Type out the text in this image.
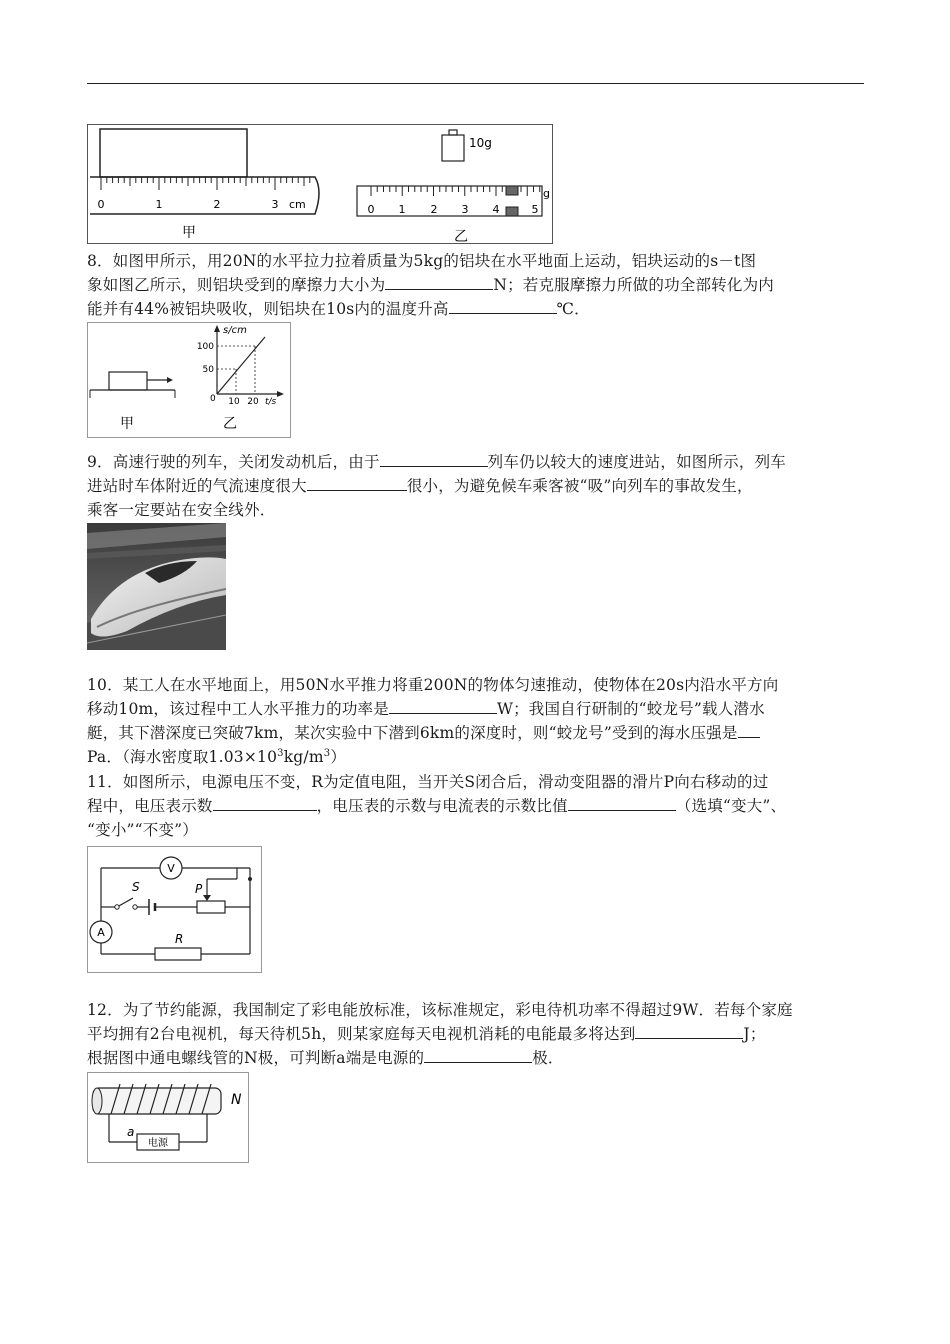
0	1	2	3 cm
甲
10g
0 1 2 3 4	5
g
乙
8．如图甲所示，用20N的水平拉力拉着质量为5kg的铝块在水平地面上运动，铝块运动的s－t图
象如图乙所示，则铝块受到的摩擦力大小为	N；若克服摩擦力所做的功全部转化为内
能并有44%被铝块吸收，则铝块在10s内的温度升高	℃．
甲
s/cm
100
50
0 10 20 t/s
乙
9．高速行驶的列车，关闭发动机后，由于	列车仍以较大的速度进站，如图所示，列车
进站时车体附近的气流速度很大	很小，为避免候车乘客被“吸”向列车的事故发生，
乘客一定要站在安全线外．
10．某工人在水平地面上，用50N水平推力将重200N的物体匀速推动，使物体在20s内沿水平方向
移动10m，该过程中工人水平推力的功率是	W；我国自行研制的“蛟龙号”载人潜水
艇，其下潜深度已突破7km，某次实验中下潜到6km的深度时，则“蛟龙号”受到的海水压强是
Pa．（海水密度取$1.03\times 10^3kg/m^3$）
11．如图所示，电源电压不变，R为定值电阻，当开关S闭合后，滑动变阻器的滑片P向右移动的过
程中，电压表示数	，电压表的示数与电流表的示数比值	（选填“变大”、
“变小”“不变”）
V
S	P
A	R
12．为了节约能源，我国制定了彩电能放标准，该标准规定，彩电待机功率不得超过9W．若每个家庭
平均拥有2台电视机，每天待机5h，则某家庭每天电视机消耗的电能最多将达到	J；
根据图中通电螺线管的N极，可判断a端是电源的	极．
N
a
电源
